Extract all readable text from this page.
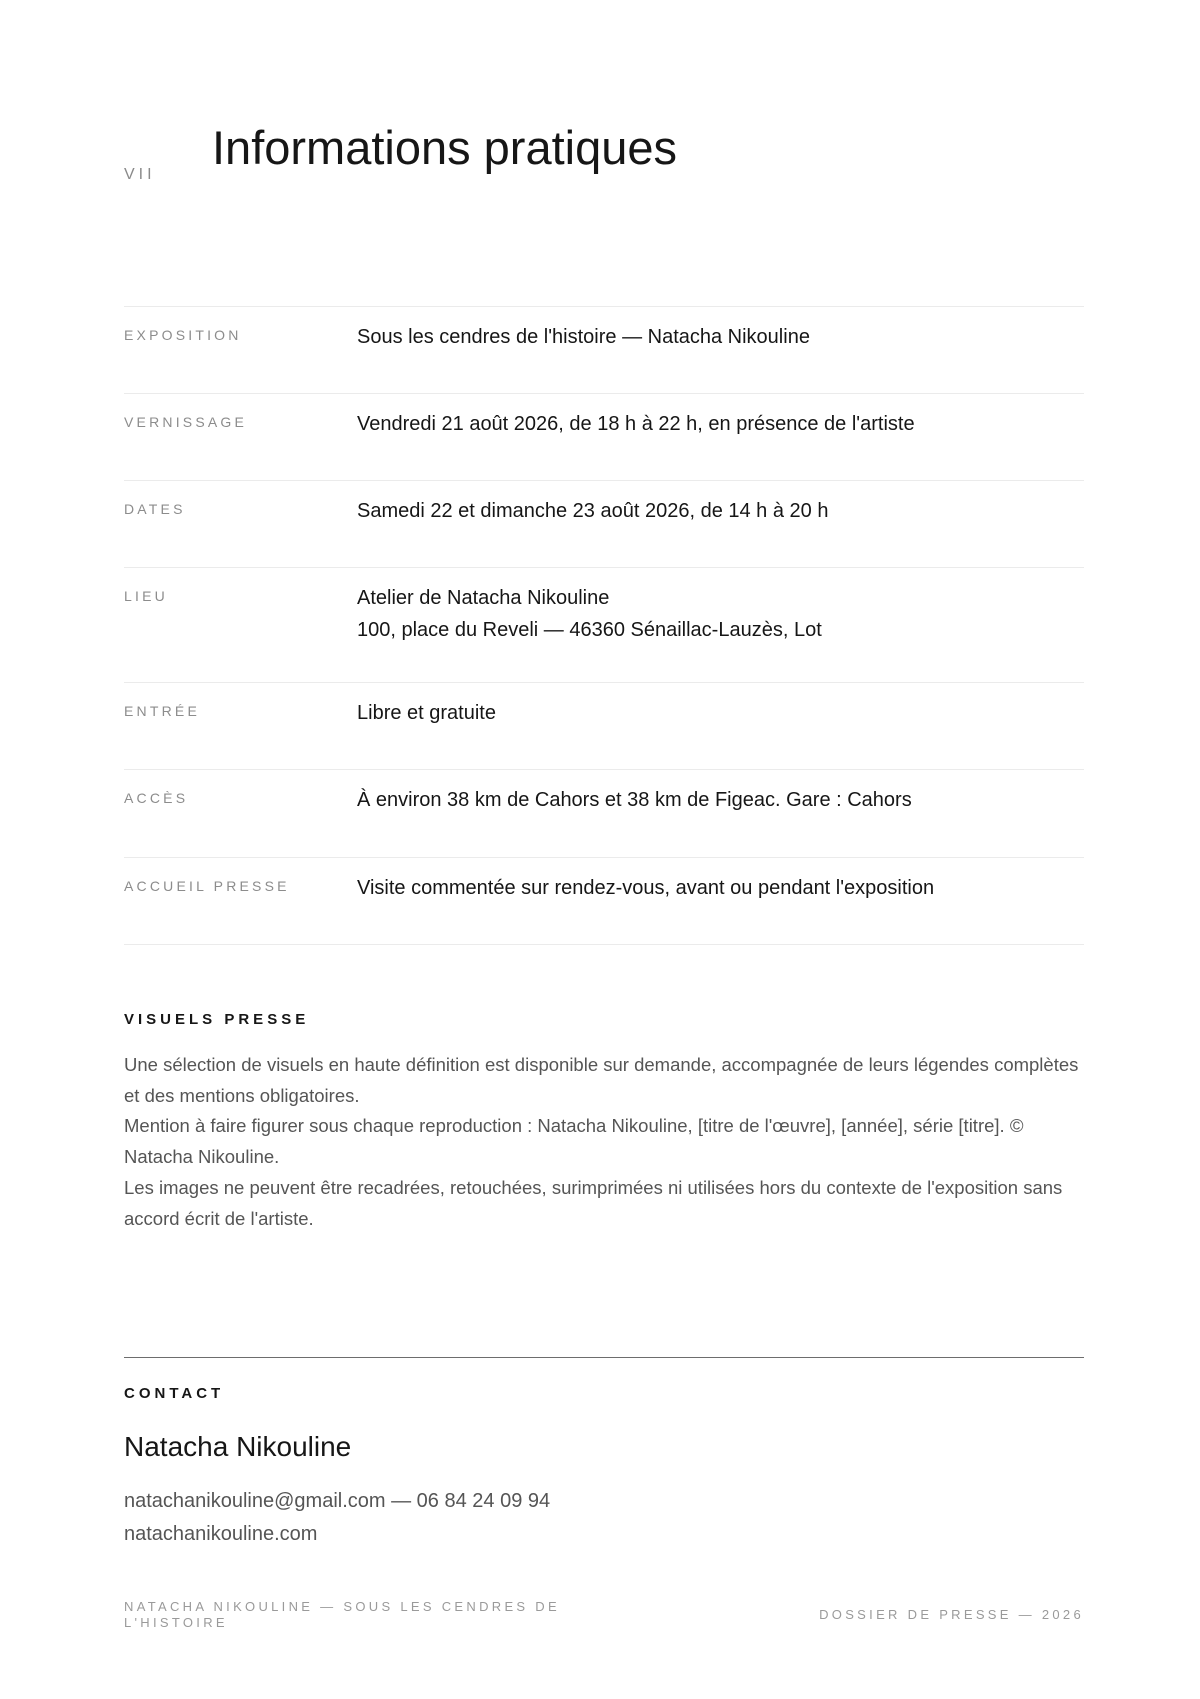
VII
Informations pratiques
EXPOSITION	Sous les cendres de l'histoire — Natacha Nikouline
VERNISSAGE	Vendredi 21 août 2026, de 18 h à 22 h, en présence de l'artiste
DATES	Samedi 22 et dimanche 23 août 2026, de 14 h à 20 h
LIEU	Atelier de Natacha Nikouline
100, place du Reveli — 46360 Sénaillac-Lauzès, Lot
ENTRÉE	Libre et gratuite
ACCÈS	À environ 38 km de Cahors et 38 km de Figeac. Gare : Cahors
ACCUEIL PRESSE	Visite commentée sur rendez-vous, avant ou pendant l'exposition
VISUELS PRESSE

Une sélection de visuels en haute définition est disponible sur demande, accompagnée de leurs légendes complètes et des mentions obligatoires.

Mention à faire figurer sous chaque reproduction : Natacha Nikouline, [titre de l'œuvre], [année], série [titre]. © Natacha Nikouline.

Les images ne peuvent être recadrées, retouchées, surimprimées ni utilisées hors du contexte de l'exposition sans accord écrit de l'artiste.

CONTACT
Natacha Nikouline
natachanikouline@gmail.com — 06 84 24 09 94
natachanikouline.com
NATACHA NIKOULINE — SOUS LES CENDRES DE L'HISTOIRE
DOSSIER DE PRESSE — 2026
